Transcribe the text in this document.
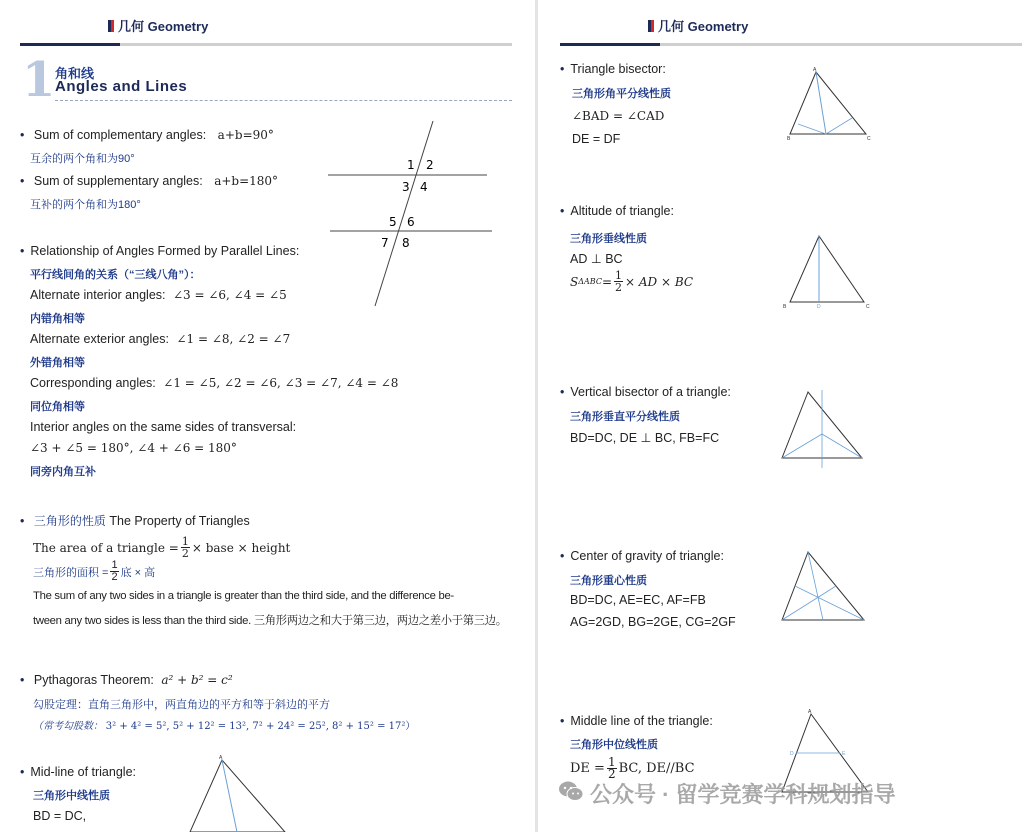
几何 Geometry
1 角和线
Angles and Lines
• Sum of complementary angles: a+b=90°
互余的两个角和为90°
• Sum of supplementary angles: a+b=180°
互补的两个角和为180°
1 2
3 4
5 6
7 8
• Relationship of Angles Formed by Parallel Lines:
平行线间角的关系（“三线八角”）：
Alternate interior angles: ∠3 = ∠6, ∠4 = ∠5
内错角相等
Alternate exterior angles: ∠1 = ∠8, ∠2 = ∠7
外错角相等
Corresponding angles: ∠1 = ∠5, ∠2 = ∠6, ∠3 = ∠7, ∠4 = ∠8
同位角相等
Interior angles on the same sides of transversal:
∠3 + ∠5 = 180°, ∠4 + ∠6 = 180°
同旁内角互补
• 三角形的性质 The Property of Triangles
The area of a triangle = $\frac{1}{2}$ × base × height
三角形的面积 = $\frac{1}{2}$ 底 × 高
The sum of any two sides in a triangle is greater than the third side, and the difference be-
tween any two sides is less than the third side. 三角形两边之和大于第三边，两边之差小于第三边。
• Pythagoras Theorem: a² + b² = c²
勾股定理：直角三角形中，两直角边的平方和等于斜边的平方
（常考勾股数： 3² + 4² = 5², 5² + 12² = 13², 7² + 24² = 25², 8² + 15² = 17²）
• Mid-line of triangle:
三角形中线性质
BD = DC,
A
几何 Geometry
• Triangle bisector:
三角形角平分线性质
∠BAD = ∠CAD
DE = DF
A
B	C
• Altitude of triangle:
三角形垂线性质
AD ⊥ BC
S $\Delta ABC = \frac{1}{2}$ × AD × BC
B	C
D
• Vertical bisector of a triangle:
三角形垂直平分线性质
BD=DC, DE ⊥ BC, FB=FC
• Center of gravity of triangle:
三角形重心性质
BD=DC, AE=EC, AF=FB
AG=2GD, BG=2GE, CG=2GF
• Middle line of the triangle:
三角形中位线性质
DE = $\frac{1}{2}$ BC, DE//BC
A
D	E
公众号 · 留学竞赛学科规划指导
